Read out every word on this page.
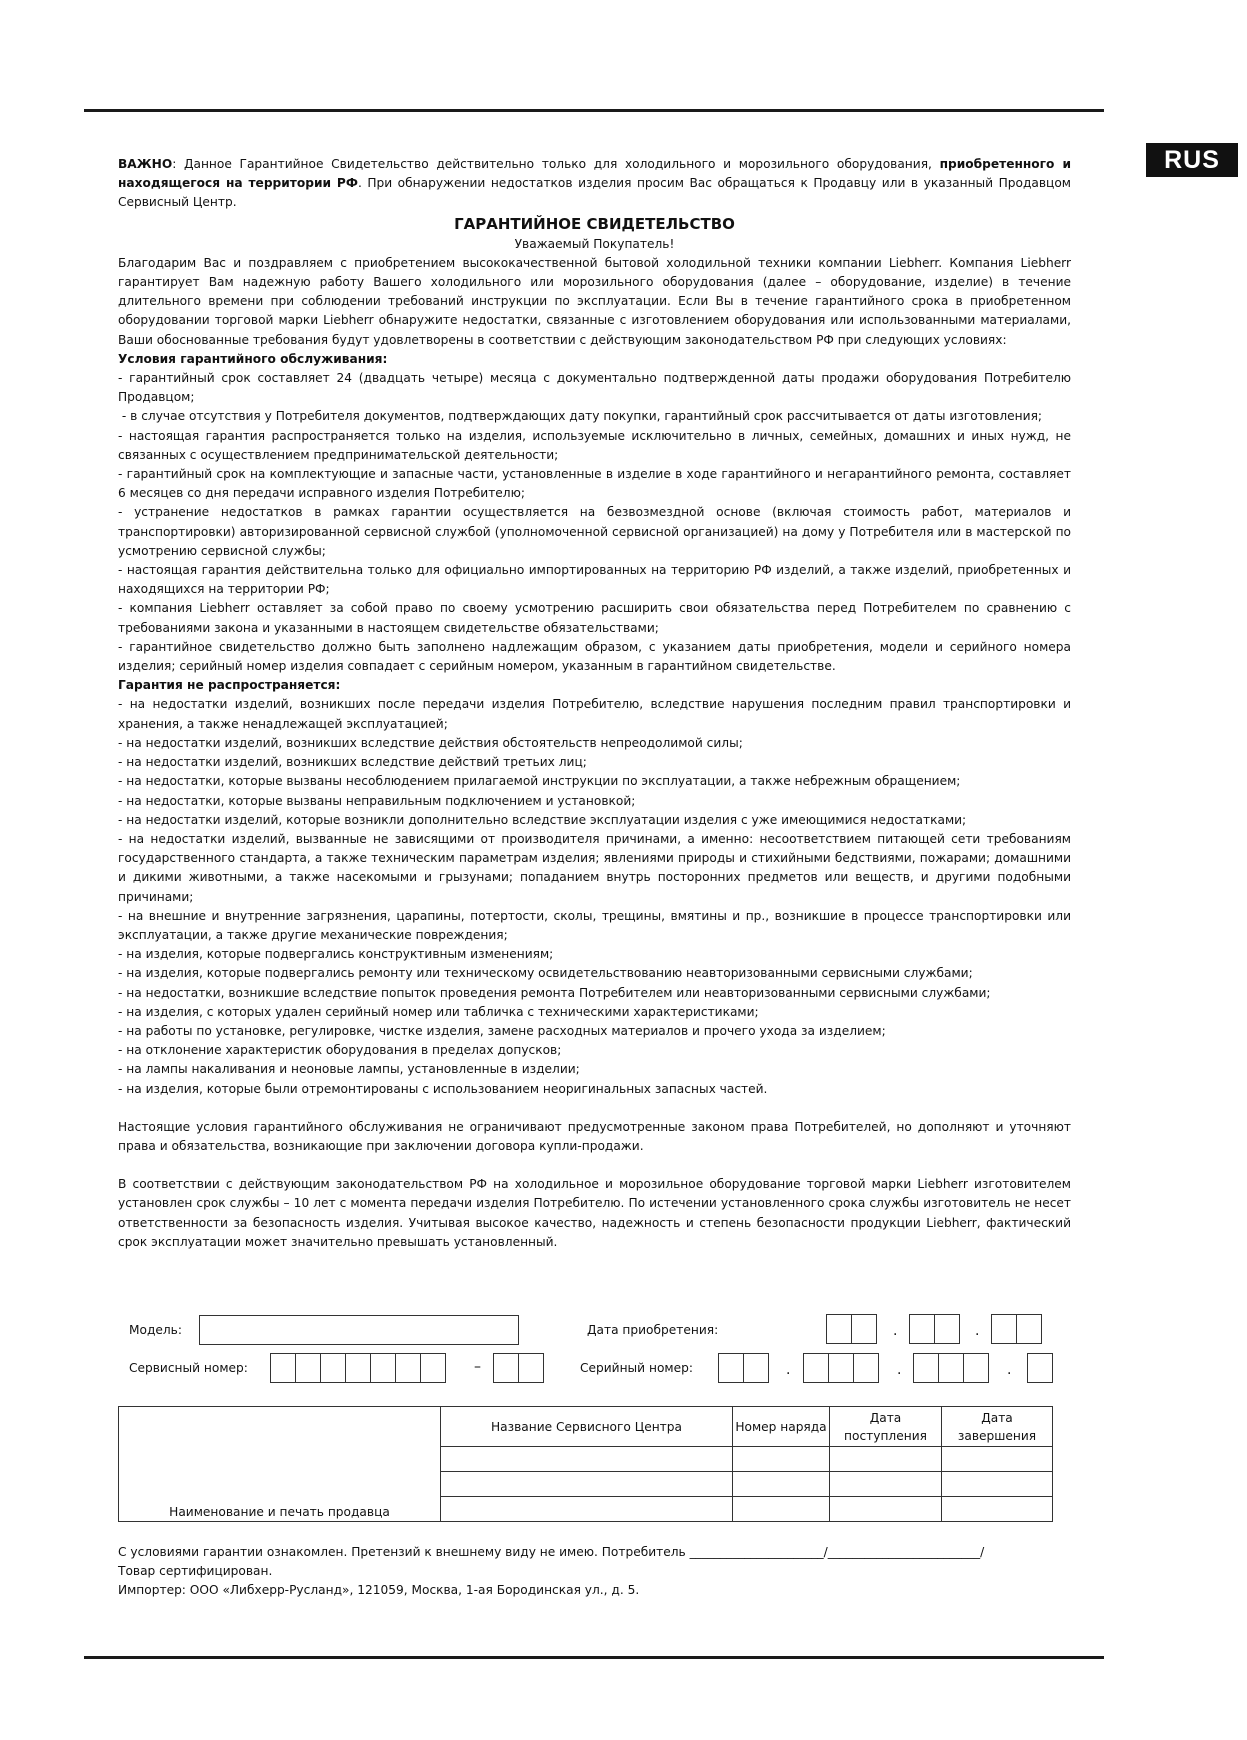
RUS

ВАЖНО: Данное Гарантийное Свидетельство действительно только для холодильного и морозильного оборудования, приобретенного и находящегося на территории РФ. При обнаружении недостатков изделия просим Вас обращаться к Продавцу или в указанный Продавцом Сервисный Центр.

ГАРАНТИЙНОЕ СВИДЕТЕЛЬСТВО

Уважаемый Покупатель!

Благодарим Вас и поздравляем с приобретением высококачественной бытовой холодильной техники компании Liebherr. Компания Liebherr гарантирует Вам надежную работу Вашего холодильного или морозильного оборудования (далее – оборудование, изделие) в течение длительного времени при соблюдении требований инструкции по эксплуатации. Если Вы в течение гарантийного срока в приобретенном оборудовании торговой марки Liebherr обнаружите недостатки, связанные с изготовлением оборудования или использованными материалами, Ваши обоснованные требования будут удовлетворены в соответствии с действующим законодательством РФ при следующих условиях:

Условия гарантийного обслуживания:

- гарантийный срок составляет 24 (двадцать четыре) месяца с документально подтвержденной даты продажи оборудования Потребителю Продавцом;

- в случае отсутствия у Потребителя документов, подтверждающих дату покупки, гарантийный срок рассчитывается от даты изготовления;

- настоящая гарантия распространяется только на изделия, используемые исключительно в личных, семейных, домашних и иных нужд, не связанных с осуществлением предпринимательской деятельности;

- гарантийный срок на комплектующие и запасные части, установленные в изделие в ходе гарантийного и негарантийного ремонта, составляет 6 месяцев со дня передачи исправного изделия Потребителю;

- устранение недостатков в рамках гарантии осуществляется на безвозмездной основе (включая стоимость работ, материалов и транспортировки) авторизированной сервисной службой (уполномоченной сервисной организацией) на дому у Потребителя или в мастерской по усмотрению сервисной службы;

- настоящая гарантия действительна только для официально импортированных на территорию РФ изделий, а также изделий, приобретенных и находящихся на территории РФ;

- компания Liebherr оставляет за собой право по своему усмотрению расширить свои обязательства перед Потребителем по сравнению с требованиями закона и указанными в настоящем свидетельстве обязательствами;

- гарантийное свидетельство должно быть заполнено надлежащим образом, с указанием даты приобретения, модели и серийного номера изделия; серийный номер изделия совпадает с серийным номером, указанным в гарантийном свидетельстве.

Гарантия не распространяется:

- на недостатки изделий, возникших после передачи изделия Потребителю, вследствие нарушения последним правил транспортировки и хранения, а также ненадлежащей эксплуатацией;

- на недостатки изделий, возникших вследствие действия обстоятельств непреодолимой силы;

- на недостатки изделий, возникших вследствие действий третьих лиц;

- на недостатки, которые вызваны несоблюдением прилагаемой инструкции по эксплуатации, а также небрежным обращением;

- на недостатки, которые вызваны неправильным подключением и установкой;

- на недостатки изделий, которые возникли дополнительно вследствие эксплуатации изделия с уже имеющимися недостатками;

- на недостатки изделий, вызванные не зависящими от производителя причинами, а именно: несоответствием питающей сети требованиям государственного стандарта, а также техническим параметрам изделия; явлениями природы и стихийными бедствиями, пожарами; домашними и дикими животными, а также насекомыми и грызунами; попаданием внутрь посторонних предметов или веществ, и другими подобными причинами;

- на внешние и внутренние загрязнения, царапины, потертости, сколы, трещины, вмятины и пр., возникшие в процессе транспортировки или эксплуатации, а также другие механические повреждения;

- на изделия, которые подвергались конструктивным изменениям;

- на изделия, которые подвергались ремонту или техническому освидетельствованию неавторизованными сервисными службами;

- на недостатки, возникшие вследствие попыток проведения ремонта Потребителем или неавторизованными сервисными службами;

- на изделия, с которых удален серийный номер или табличка с техническими характеристиками;

- на работы по установке, регулировке, чистке изделия, замене расходных материалов и прочего ухода за изделием;

- на отклонение характеристик оборудования в пределах допусков;

- на лампы накаливания и неоновые лампы, установленные в изделии;

- на изделия, которые были отремонтированы с использованием неоригинальных запасных частей.

Настоящие условия гарантийного обслуживания не ограничивают предусмотренные законом права Потребителей, но дополняют и уточняют права и обязательства, возникающие при заключении договора купли-продажи.

В соответствии с действующим законодательством РФ на холодильное и морозильное оборудование торговой марки Liebherr изготовителем установлен срок службы – 10 лет с момента передачи изделия Потребителю. По истечении установленного срока службы изготовитель не несет ответственности за безопасность изделия. Учитывая высокое качество, надежность и степень безопасности продукции Liebherr, фактический срок эксплуатации может значительно превышать установленный.

Модель:	Дата приобретения:	.	.
Сервисный номер:	–	Серийный номер:	.	.	.
Наименование и печать продавца	Название Сервисного Центра	Номер наряда	Дата поступления	Дата завершения

С условиями гарантии ознакомлен. Претензий к внешнему виду не имею. Потребитель ______________________/_________________________/

Товар сертифицирован.

Импортер: ООО «Либхерр-Русланд», 121059, Москва, 1-ая Бородинская ул., д. 5.
